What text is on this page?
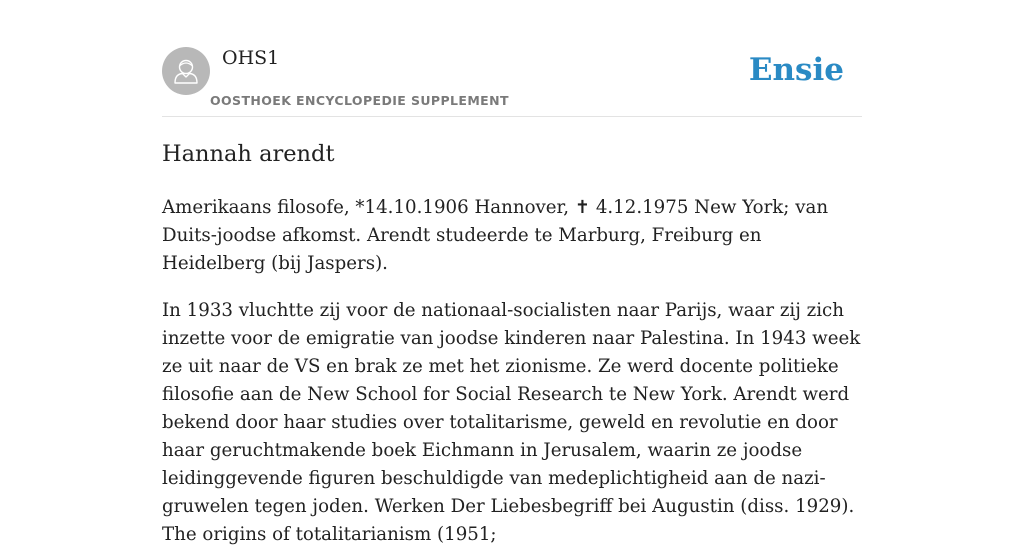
OHS1
OOSTHOEK ENCYCLOPEDIE SUPPLEMENT
Ensie
Hannah arendt

Amerikaans filosofe, *14.10.1906 Hannover, ✝ 4.12.1975 New York; van Duits-joodse afkomst. Arendt studeerde te Marburg, Freiburg en Heidelberg (bij Jaspers).

In 1933 vluchtte zij voor de nationaal-socialisten naar Parijs, waar zij zich inzette voor de emigratie van joodse kinderen naar Palestina. In 1943 week ze uit naar de VS en brak ze met het zionisme. Ze werd docente politieke filosofie aan de New School for Social Research te New York. Arendt werd bekend door haar studies over totalitarisme, geweld en revolutie en door haar geruchtmakende boek Eichmann in Jerusalem, waarin ze joodse leidinggevende figuren beschuldigde van medeplichtigheid aan de nazi-gruwelen tegen joden. Werken Der Liebesbegriff bei Augustin (diss. 1929). The origins of totalitarianism (1951;
